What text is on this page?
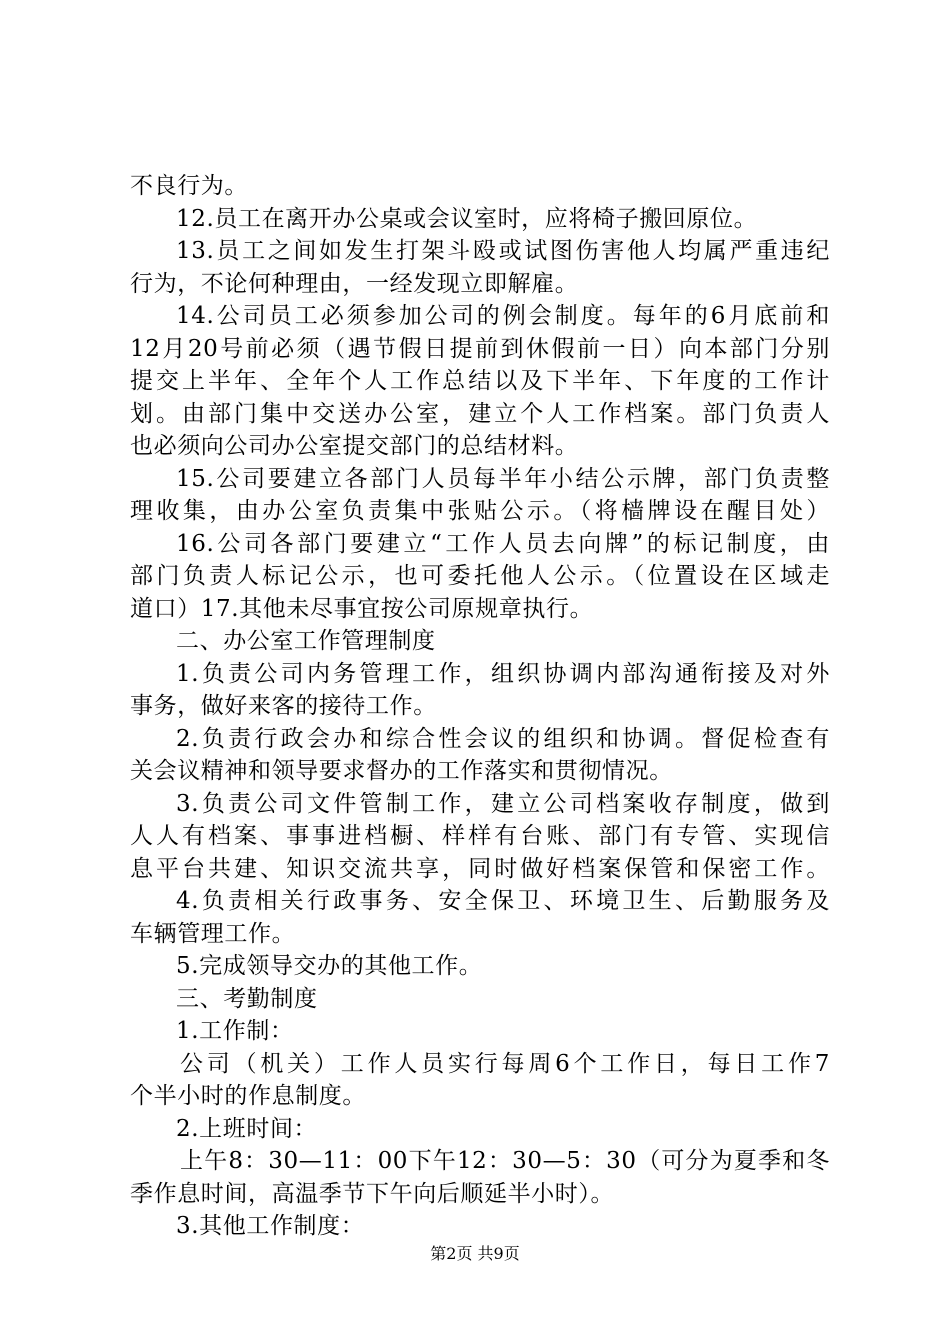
不良行为。
12.员工在离开办公桌或会议室时，应将椅子搬回原位。
13.员工之间如发生打架斗殴或试图伤害他人均属严重违纪
行为，不论何种理由，一经发现立即解雇。
14.公司员工必须参加公司的例会制度。每年的6月底前和
12月20号前必须（遇节假日提前到休假前一日）向本部门分别
提交上半年、全年个人工作总结以及下半年、下年度的工作计
划。由部门集中交送办公室，建立个人工作档案。部门负责人
也必须向公司办公室提交部门的总结材料。
15.公司要建立各部门人员每半年小结公示牌，部门负责整
理收集，由办公室负责集中张贴公示。（将樯牌设在醒目处）
16.公司各部门要建立“工作人员去向牌”的标记制度，由
部门负责人标记公示，也可委托他人公示。（位置设在区域走
道口）17.其他未尽事宜按公司原规章执行。
二、办公室工作管理制度
1.负责公司内务管理工作，组织协调内部沟通衔接及对外
事务，做好来客的接待工作。
2.负责行政会办和综合性会议的组织和协调。督促检查有
关会议精神和领导要求督办的工作落实和贯彻情况。
3.负责公司文件管制工作，建立公司档案收存制度，做到
人人有档案、事事进档橱、样样有台账、部门有专管、实现信
息平台共建、知识交流共享，同时做好档案保管和保密工作。
4.负责相关行政事务、安全保卫、环境卫生、后勤服务及
车辆管理工作。
5.完成领导交办的其他工作。
三、考勤制度
1.工作制：
公司（机关）工作人员实行每周6个工作日，每日工作7
个半小时的作息制度。
2.上班时间：
上午8：30—11：00下午12：30—5：30（可分为夏季和冬
季作息时间，高温季节下午向后顺延半小时）。
3.其他工作制度：
第2页 共9页
